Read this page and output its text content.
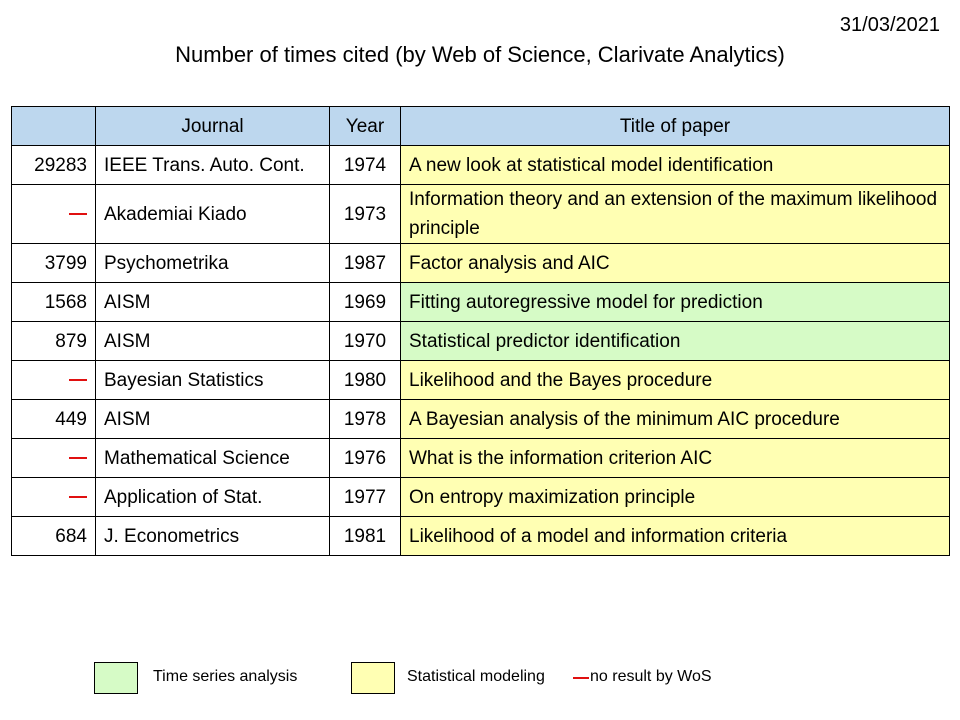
31/03/2021
Number of times cited (by Web of Science, Clarivate Analytics)
	Journal	Year	Title of paper
29283	IEEE Trans. Auto. Cont.	1974	A new look at statistical model identification
	Akademiai Kiado	1973	Information theory and an extension of the maximum likelihood principle
3799	Psychometrika	1987	Factor analysis and AIC
1568	AISM	1969	Fitting autoregressive model for prediction
879	AISM	1970	Statistical predictor identification
	Bayesian Statistics	1980	Likelihood and the Bayes procedure
449	AISM	1978	A Bayesian analysis of the minimum AIC procedure
	Mathematical Science	1976	What is the information criterion AIC
	Application of Stat.	1977	On entropy maximization principle
684	J. Econometrics	1981	Likelihood of a model and information criteria
Time series analysis	Statistical modeling	no result by WoS
